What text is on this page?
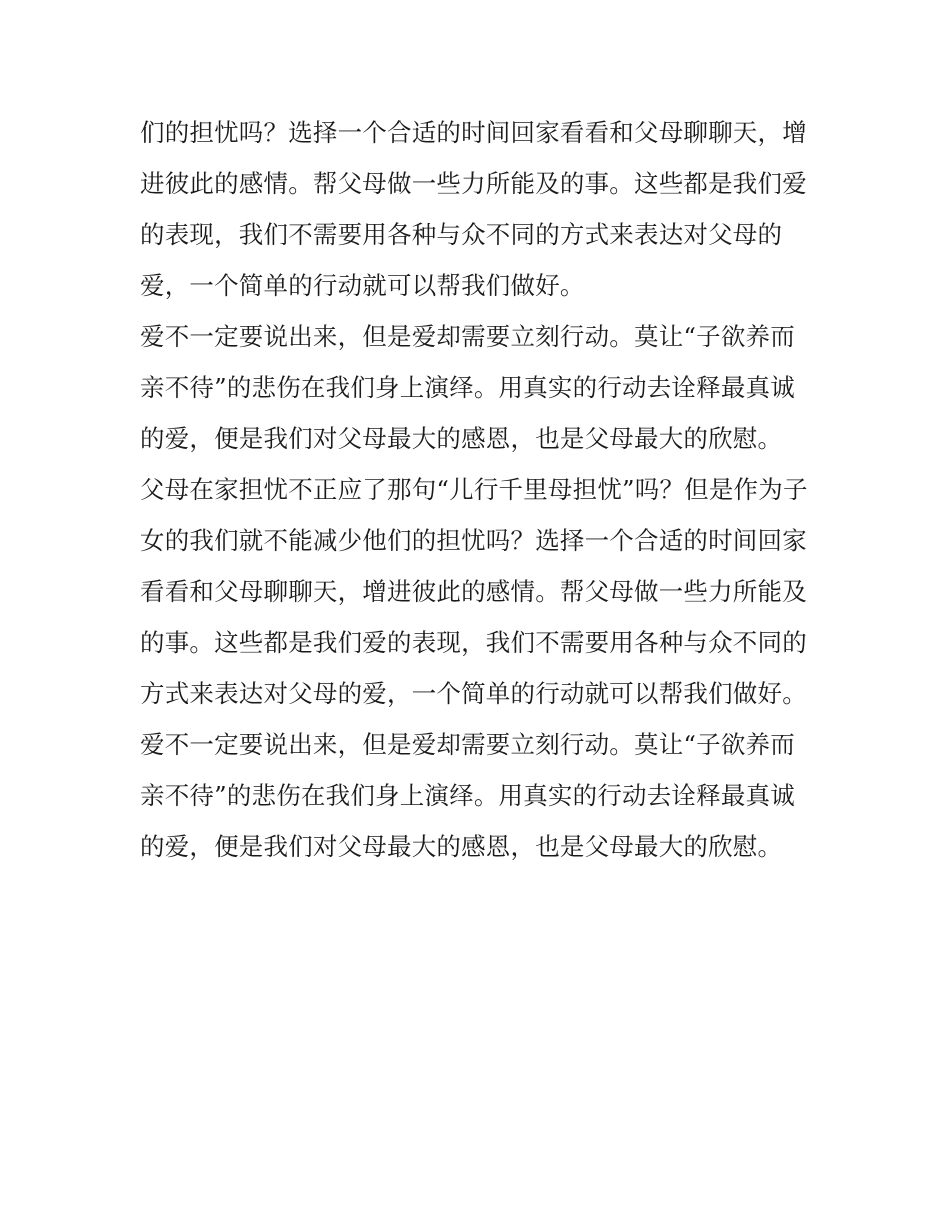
们的担忧吗？选择一个合适的时间回家看看和父母聊聊天，增
进彼此的感情。帮父母做一些力所能及的事。这些都是我们爱
的表现，我们不需要用各种与众不同的方式来表达对父母的
爱，一个简单的行动就可以帮我们做好。
爱不一定要说出来，但是爱却需要立刻行动。莫让“子欲养而
亲不待”的悲伤在我们身上演绎。用真实的行动去诠释最真诚
的爱，便是我们对父母最大的感恩，也是父母最大的欣慰。
父母在家担忧不正应了那句“儿行千里母担忧”吗？但是作为子
女的我们就不能减少他们的担忧吗？选择一个合适的时间回家
看看和父母聊聊天，增进彼此的感情。帮父母做一些力所能及
的事。这些都是我们爱的表现，我们不需要用各种与众不同的
方式来表达对父母的爱，一个简单的行动就可以帮我们做好。
爱不一定要说出来，但是爱却需要立刻行动。莫让“子欲养而
亲不待”的悲伤在我们身上演绎。用真实的行动去诠释最真诚
的爱，便是我们对父母最大的感恩，也是父母最大的欣慰。
